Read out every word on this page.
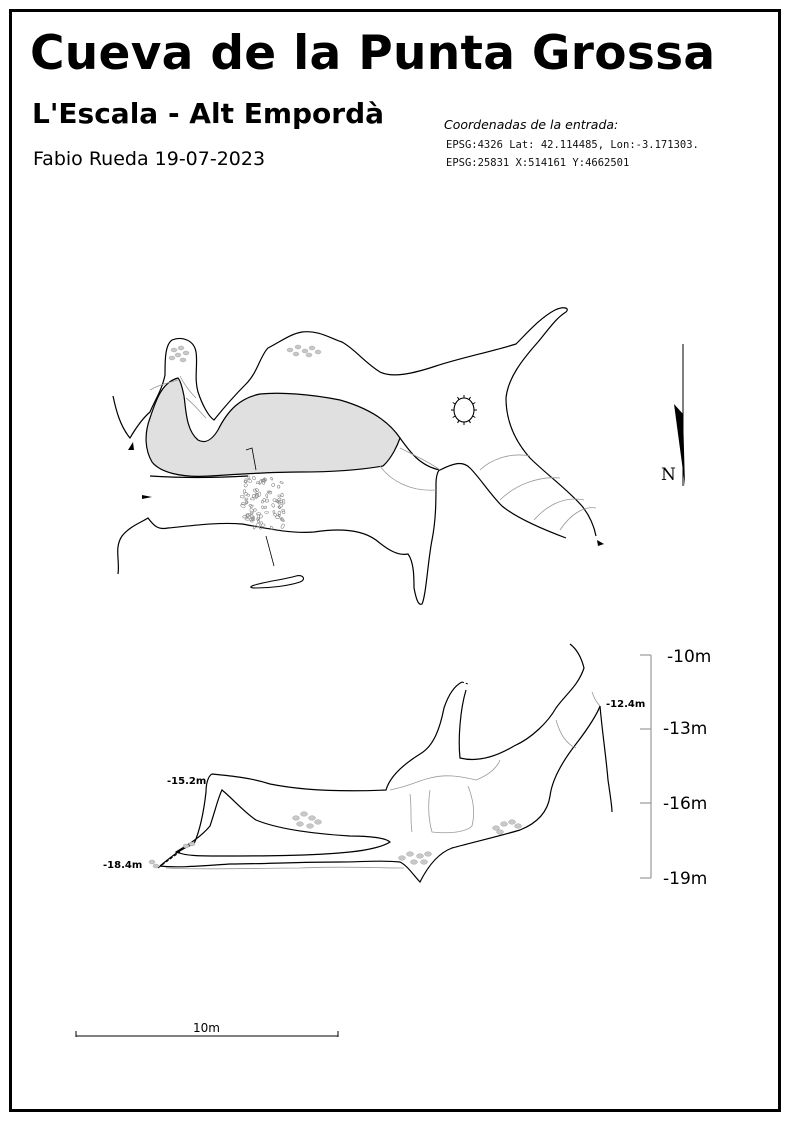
Cueva de la Punta Grossa
L'Escala - Alt Empordà
Fabio Rueda 19-07-2023
Coordenadas de la entrada:
EPSG:4326 Lat: 42.114485, Lon:-3.171303.
EPSG:25831 X:514161 Y:4662501
N
-12.4m
-15.2m
-18.4m
-10m
-13m
-16m
-19m
10m
